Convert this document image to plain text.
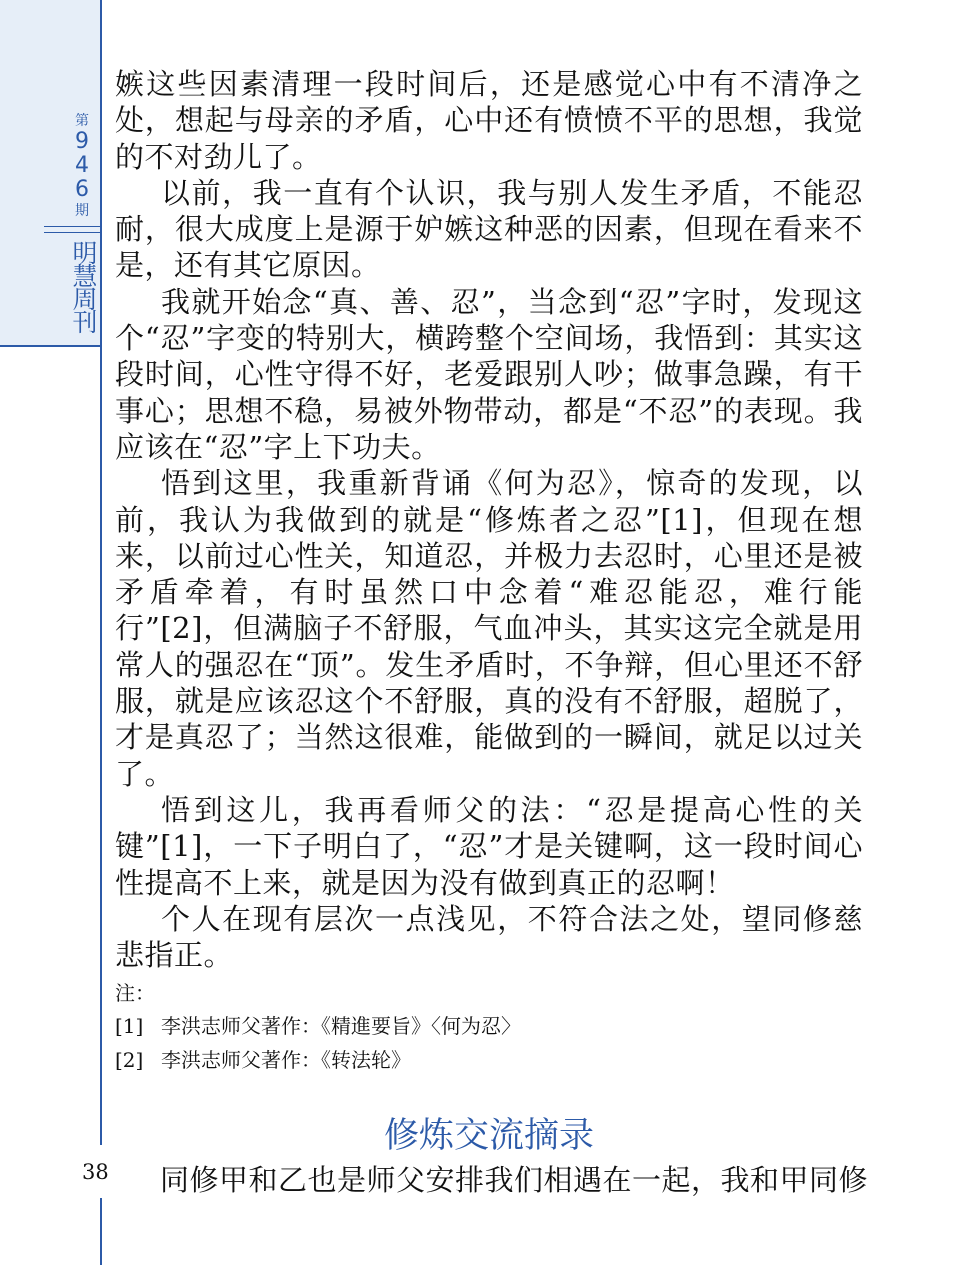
第
9
4
6
期
明
慧
周
刊
38

嫉这些因素清理一段时间后，还是感觉心中有不清净之处，想起与母亲的矛盾，心中还有愤愤不平的思想，我觉的不对劲儿了。

以前，我一直有个认识，我与别人发生矛盾，不能忍耐，很大成度上是源于妒嫉这种恶的因素，但现在看来不是，还有其它原因。

我就开始念“真、善、忍”，当念到“忍”字时，发现这个“忍”字变的特别大，横跨整个空间场，我悟到：其实这段时间，心性守得不好，老爱跟别人吵；做事急躁，有干事心；思想不稳，易被外物带动，都是“不忍”的表现。我应该在“忍”字上下功夫。

悟到这里，我重新背诵《何为忍》，惊奇的发现，以前，我认为我做到的就是“修炼者之忍”[1]，但现在想来，以前过心性关，知道忍，并极力去忍时，心里还是被矛盾牵着，有时虽然口中念着“难忍能忍，难行能行”[2]，但满脑子不舒服，气血冲头，其实这完全就是用常人的强忍在“顶”。发生矛盾时，不争辩，但心里还不舒服，就是应该忍这个不舒服，真的没有不舒服，超脱了，才是真忍了；当然这很难，能做到的一瞬间，就足以过关了。

悟到这儿，我再看师父的法：“忍是提高心性的关键”[1]，一下子明白了，“忍”才是关键啊，这一段时间心性提高不上来，就是因为没有做到真正的忍啊！

个人在现有层次一点浅见，不符合法之处，望同修慈悲指正。

注：

[1] 李洪志师父著作：《精進要旨》〈何为忍〉

[2] 李洪志师父著作：《转法轮》

修炼交流摘录
同修甲和乙也是师父安排我们相遇在一起，我和甲同修
